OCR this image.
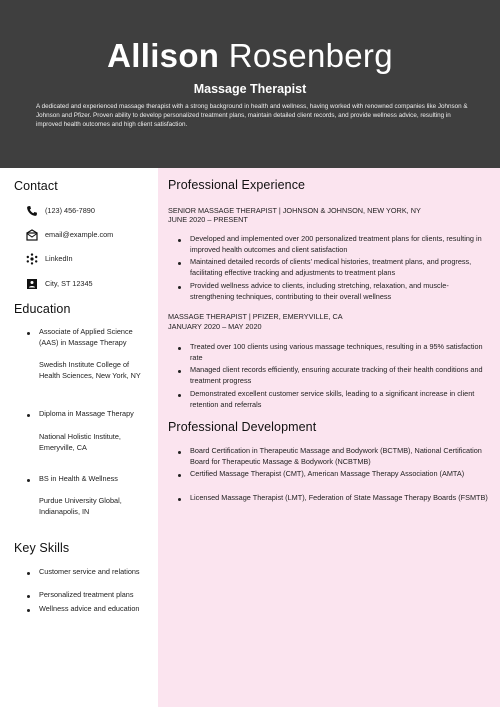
Allison Rosenberg
Massage Therapist
A dedicated and experienced massage therapist with a strong background in health and wellness, having worked with renowned companies like Johnson & Johnson and Pfizer. Proven ability to develop personalized treatment plans, maintain detailed client records, and provide wellness advice, resulting in improved health outcomes and high client satisfaction.
Contact
(123) 456-7890
email@example.com
LinkedIn
City, ST 12345
Education
Associate of Applied Science (AAS) in Massage Therapy
Swedish Institute College of Health Sciences, New York, NY
Diploma in Massage Therapy
National Holistic Institute, Emeryville, CA
BS in Health & Wellness
Purdue University Global, Indianapolis, IN
Key Skills
Customer service and relations
Personalized treatment plans
Wellness advice and education
Professional Experience
SENIOR MASSAGE THERAPIST | JOHNSON & JOHNSON, NEW YORK, NY
JUNE 2020 – PRESENT
Developed and implemented over 200 personalized treatment plans for clients, resulting in improved health outcomes and client satisfaction
Maintained detailed records of clients’ medical histories, treatment plans, and progress, facilitating effective tracking and adjustments to treatment plans
Provided wellness advice to clients, including stretching, relaxation, and muscle-strengthening techniques, contributing to their overall wellness
MASSAGE THERAPIST | PFIZER, EMERYVILLE, CA
JANUARY 2020 – MAY 2020
Treated over 100 clients using various massage techniques, resulting in a 95% satisfaction rate
Managed client records efficiently, ensuring accurate tracking of their health conditions and treatment progress
Demonstrated excellent customer service skills, leading to a significant increase in client retention and referrals
Professional Development
Board Certification in Therapeutic Massage and Bodywork (BCTMB), National Certification Board for Therapeutic Massage & Bodywork (NCBTMB)
Certified Massage Therapist (CMT), American Massage Therapy Association (AMTA)
Licensed Massage Therapist (LMT), Federation of State Massage Therapy Boards (FSMTB)
